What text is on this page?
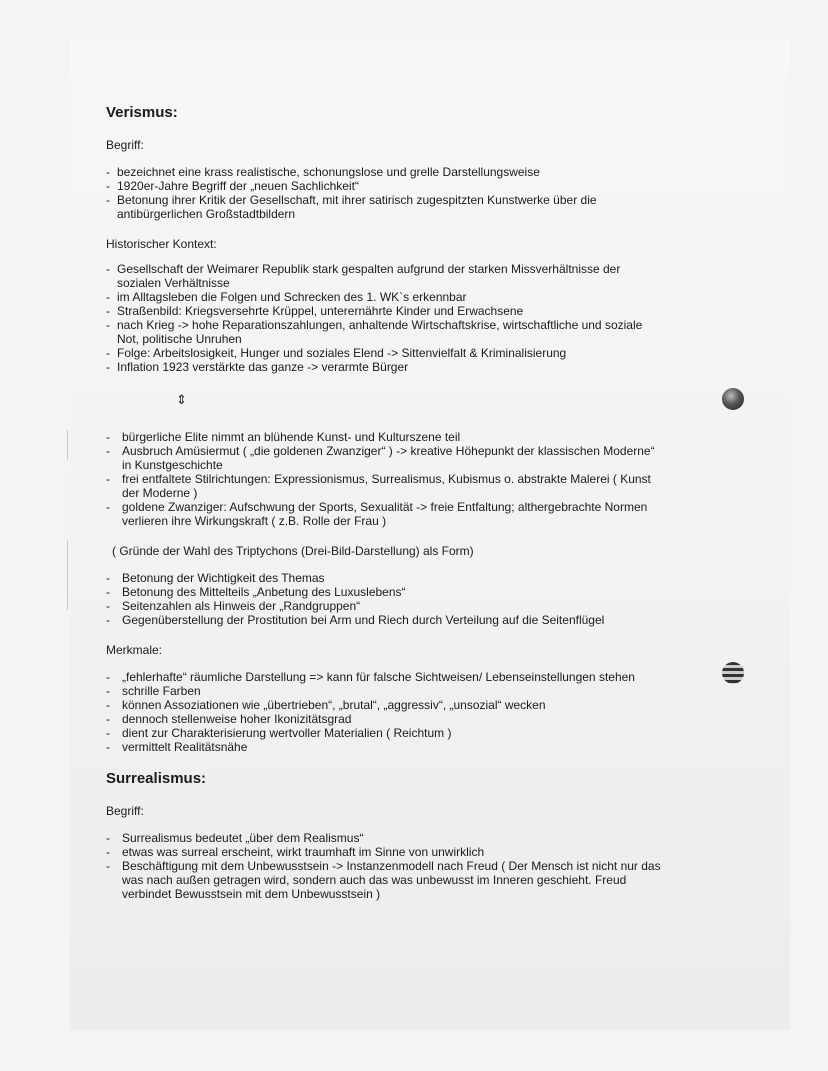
Verismus:

Begriff:

- bezeichnet eine krass realistische, schonungslose und grelle Darstellungsweise
- 1920er-Jahre Begriff der „neuen Sachlichkeit“
- Betonung ihrer Kritik der Gesellschaft, mit ihrer satirisch zugespitzten Kunstwerke über die antibürgerlichen Großstadtbildern

Historischer Kontext:

- Gesellschaft der Weimarer Republik stark gespalten aufgrund der starken Missverhältnisse der sozialen Verhältnisse
- im Alltagsleben die Folgen und Schrecken des 1. WK`s erkennbar
- Straßenbild: Kriegsversehrte Krüppel, unterernährte Kinder und Erwachsene
- nach Krieg -> hohe Reparationszahlungen, anhaltende Wirtschaftskrise, wirtschaftliche und soziale Not, politische Unruhen
- Folge: Arbeitslosigkeit, Hunger und soziales Elend -> Sittenvielfalt & Kriminalisierung
- Inflation 1923 verstärkte das ganze -> verarmte Bürger
⇕
- bürgerliche Elite nimmt an blühende Kunst- und Kulturszene teil
- Ausbruch Amüsiermut ( „die goldenen Zwanziger“ ) -> kreative Höhepunkt der klassischen Moderne“ in Kunstgeschichte
- frei entfaltete Stilrichtungen: Expressionismus, Surrealismus, Kubismus o. abstrakte Malerei ( Kunst der Moderne )
- goldene Zwanziger: Aufschwung der Sports, Sexualität -> freie Entfaltung; althergebrachte Normen verlieren ihre Wirkungskraft ( z.B. Rolle der Frau )

( Gründe der Wahl des Triptychons (Drei-Bild-Darstellung) als Form)

- Betonung der Wichtigkeit des Themas
- Betonung des Mittelteils „Anbetung des Luxuslebens“
- Seitenzahlen als Hinweis der „Randgruppen“
- Gegenüberstellung der Prostitution bei Arm und Riech durch Verteilung auf die Seitenflügel

Merkmale:

- „fehlerhafte“ räumliche Darstellung => kann für falsche Sichtweisen/ Lebenseinstellungen stehen
- schrille Farben
- können Assoziationen wie „übertrieben“, „brutal“, „aggressiv“, „unsozial“ wecken
- dennoch stellenweise hoher Ikonizitätsgrad
- dient zur Charakterisierung wertvoller Materialien ( Reichtum )
- vermittelt Realitätsnähe
Surrealismus:

Begriff:

- Surrealismus bedeutet „über dem Realismus“
- etwas was surreal erscheint, wirkt traumhaft im Sinne von unwirklich
- Beschäftigung mit dem Unbewusstsein -> Instanzenmodell nach Freud ( Der Mensch ist nicht nur das was nach außen getragen wird, sondern auch das was unbewusst im Inneren geschieht. Freud verbindet Bewusstsein mit dem Unbewusstsein )
